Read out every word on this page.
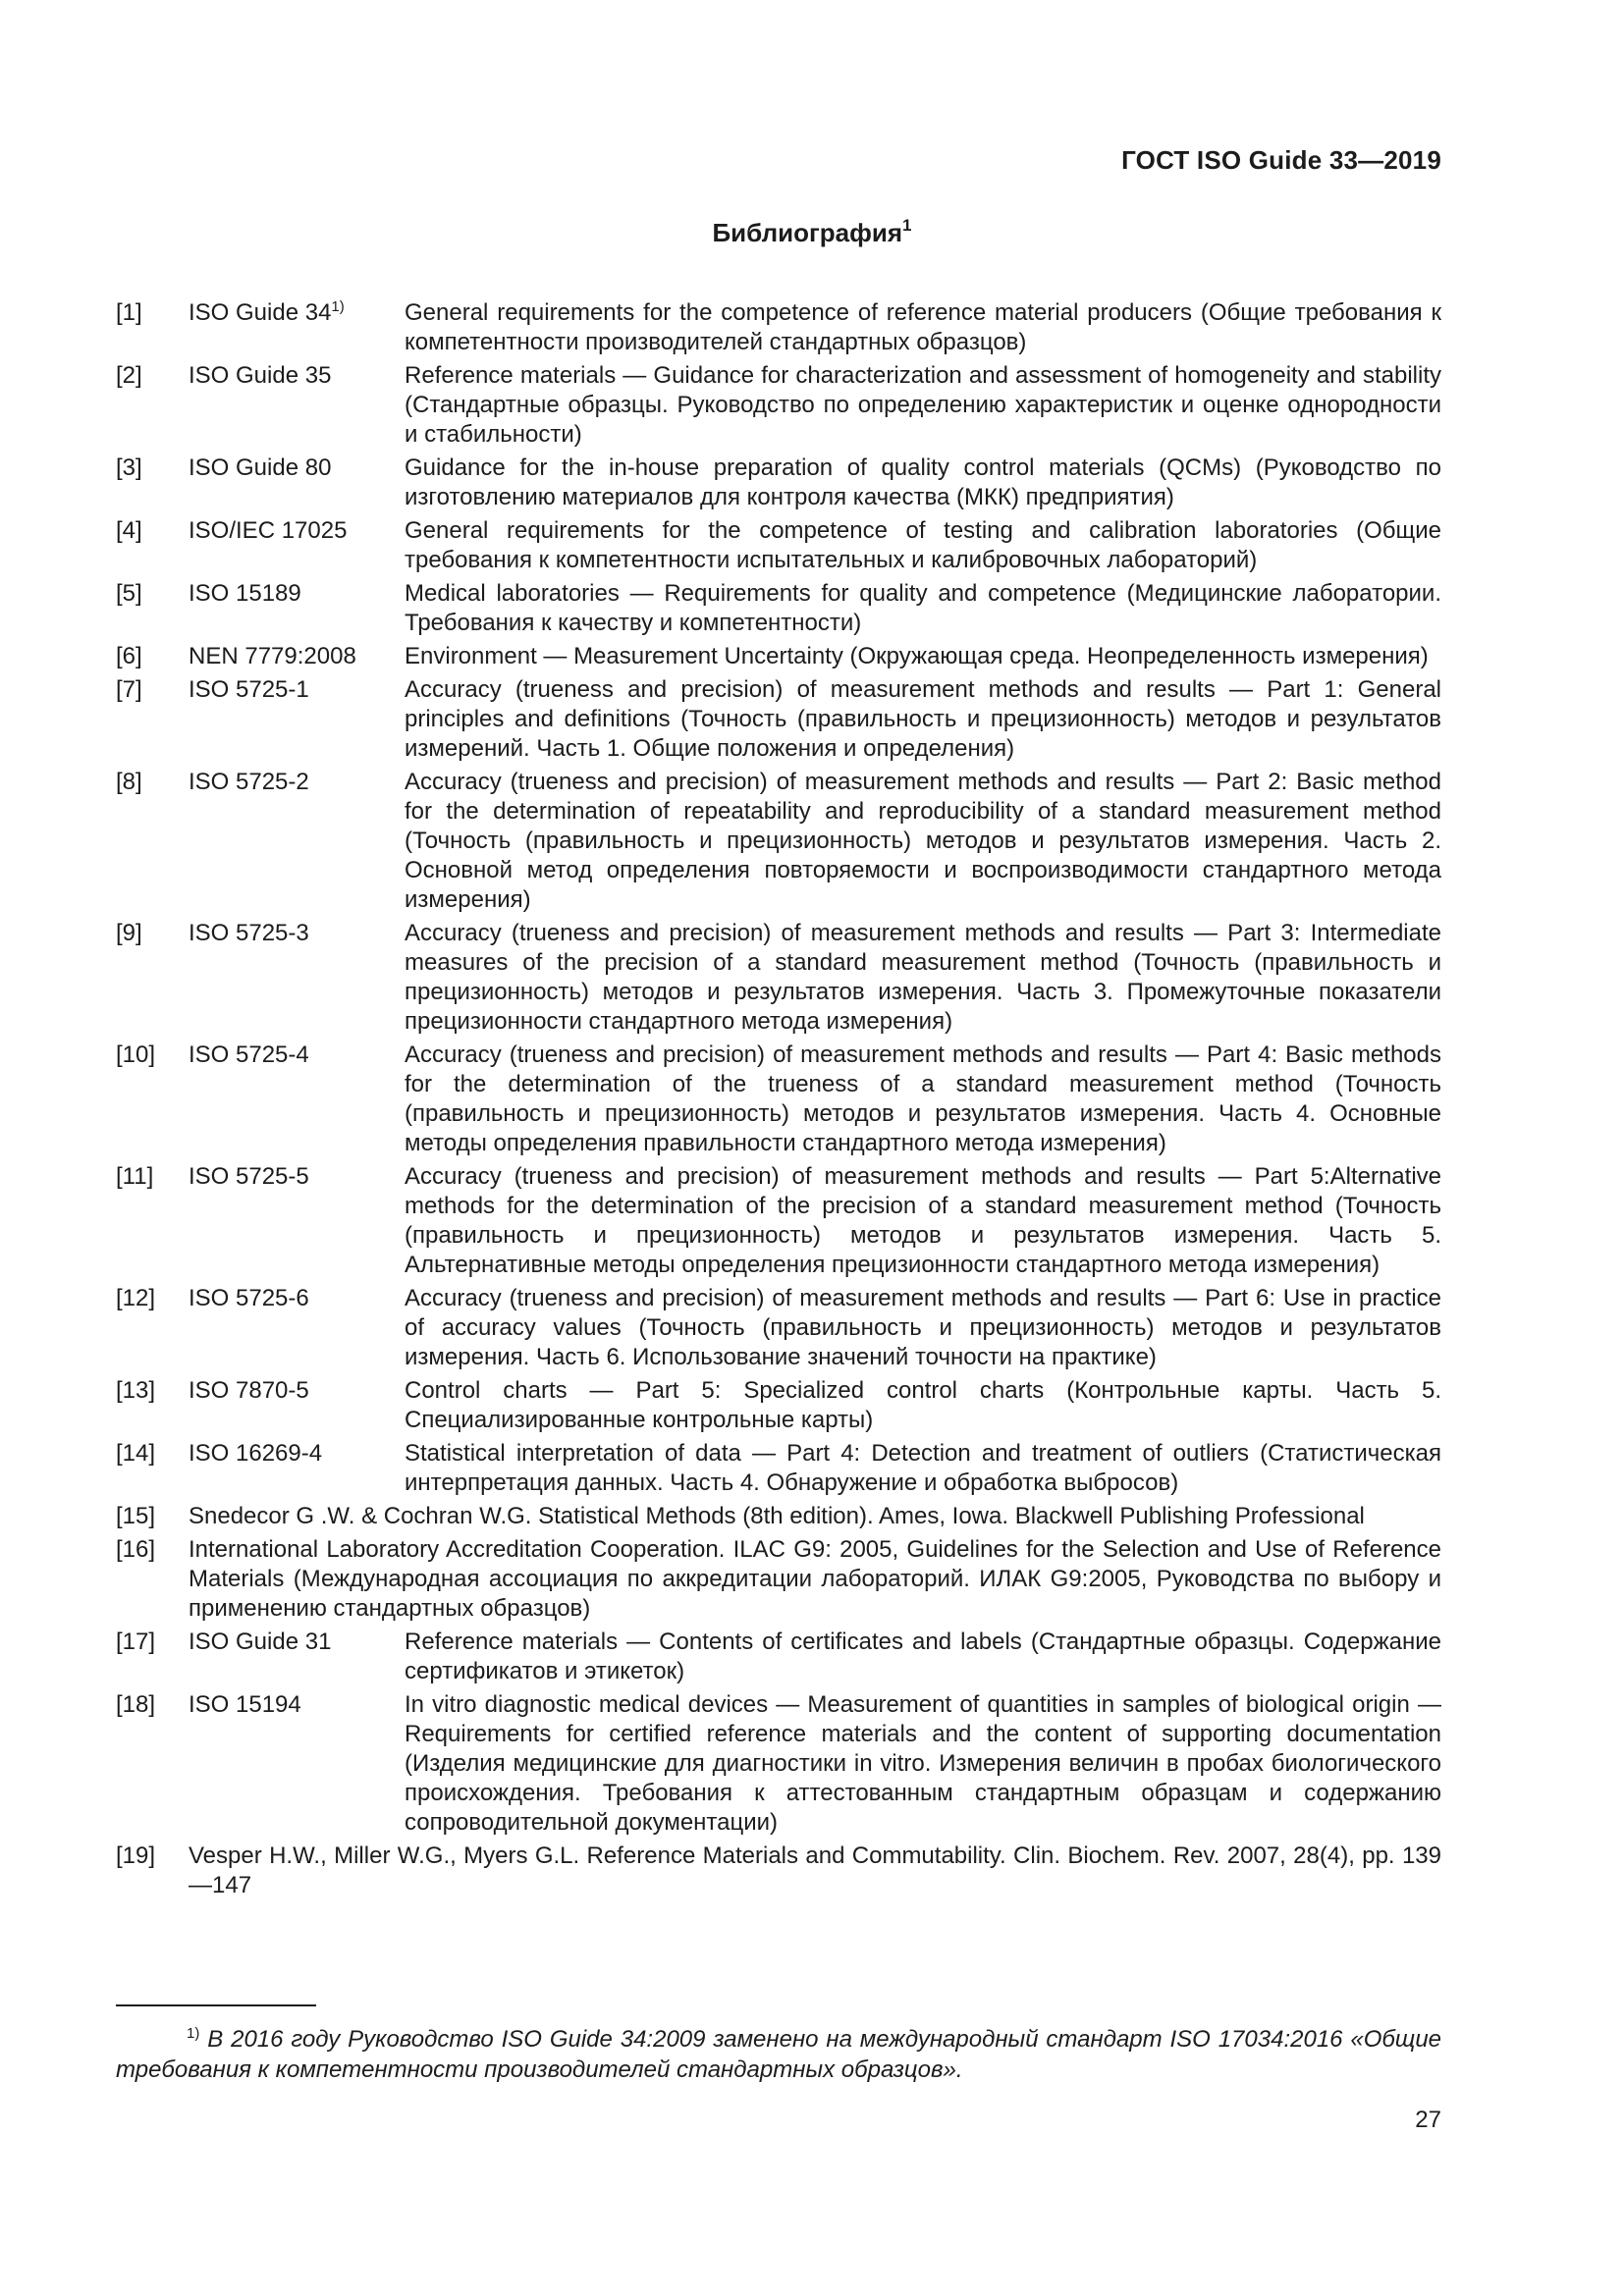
ГОСТ ISO Guide 33—2019
Библиография$^1$
[1]	ISO Guide 34$^{1)}$	General requirements for the competence of reference material producers (Общие требования к компетентности производителей стандартных образцов)
[2]	ISO Guide 35	Reference materials — Guidance for characterization and assessment of homogeneity and stability (Стандартные образцы. Руководство по определению характеристик и оценке однородности и стабильности)
[3]	ISO Guide 80	Guidance for the in-house preparation of quality control materials (QCMs) (Руководство по изготовлению материалов для контроля качества (МКК) предприятия)
[4]	ISO/IEC 17025	General requirements for the competence of testing and calibration laboratories (Общие требования к компетентности испытательных и калибровочных лабораторий)
[5]	ISO 15189	Medical laboratories — Requirements for quality and competence (Медицинские лаборатории. Требования к качеству и компетентности)
[6]	NEN 7779:2008	Environment — Measurement Uncertainty (Окружающая среда. Неопределенность измерения)
[7]	ISO 5725-1	Accuracy (trueness and precision) of measurement methods and results — Part 1: General principles and definitions (Точность (правильность и прецизионность) методов и результатов измерений. Часть 1. Общие положения и определения)
[8]	ISO 5725-2	Accuracy (trueness and precision) of measurement methods and results — Part 2: Basic method for the determination of repeatability and reproducibility of a standard measurement method (Точность (правильность и прецизионность) методов и результатов измерения. Часть 2. Основной метод определения повторяемости и воспроизводимости стандартного метода измерения)
[9]	ISO 5725-3	Accuracy (trueness and precision) of measurement methods and results — Part 3: Intermediate measures of the precision of a standard measurement method (Точность (правильность и прецизионность) методов и результатов измерения. Часть 3. Промежуточные показатели прецизионности стандартного метода измерения)
[10]	ISO 5725-4	Accuracy (trueness and precision) of measurement methods and results — Part 4: Basic methods for the determination of the trueness of a standard measurement method (Точность (правильность и прецизионность) методов и результатов измерения. Часть 4. Основные методы определения правильности стандартного метода измерения)
[11]	ISO 5725-5	Accuracy (trueness and precision) of measurement methods and results — Part 5:Alternative methods for the determination of the precision of a standard measurement method (Точность (правильность и прецизионность) методов и результатов измерения. Часть 5. Альтернативные методы определения прецизионности стандартного метода измерения)
[12]	ISO 5725-6	Accuracy (trueness and precision) of measurement methods and results — Part 6: Use in practice of accuracy values (Точность (правильность и прецизионность) методов и результатов измерения. Часть 6. Использование значений точности на практике)
[13]	ISO 7870-5	Control charts — Part 5: Specialized control charts (Контрольные карты. Часть 5. Специализированные контрольные карты)
[14]	ISO 16269-4	Statistical interpretation of data — Part 4: Detection and treatment of outliers (Статистическая интерпретация данных. Часть 4. Обнаружение и обработка выбросов)
[15]	Snedecor G .W. & Cochran W.G. Statistical Methods (8th edition). Ames, Iowa. Blackwell Publishing Professional
[16]	International Laboratory Accreditation Cooperation. ILAC G9: 2005, Guidelines for the Selection and Use of Reference Materials (Международная ассоциация по аккредитации лабораторий. ИЛАК G9:2005, Руководства по выбору и применению стандартных образцов)
[17]	ISO Guide 31	Reference materials — Contents of certificates and labels (Стандартные образцы. Содержание сертификатов и этикеток)
[18]	ISO 15194	In vitro diagnostic medical devices — Measurement of quantities in samples of biological origin — Requirements for certified reference materials and the content of supporting documentation (Изделия медицинские для диагностики in vitro. Измерения величин в пробах биологического происхождения. Требования к аттестованным стандартным образцам и содержанию сопроводительной документации)
[19]	Vesper H.W., Miller W.G., Myers G.L. Reference Materials and Commutability. Clin. Biochem. Rev. 2007, 28(4), pp. 139—147
$^{1)}$ В 2016 году Руководство ISO Guide 34:2009 заменено на международный стандарт ISO 17034:2016 «Общие требования к компетентности производителей стандартных образцов».
27
